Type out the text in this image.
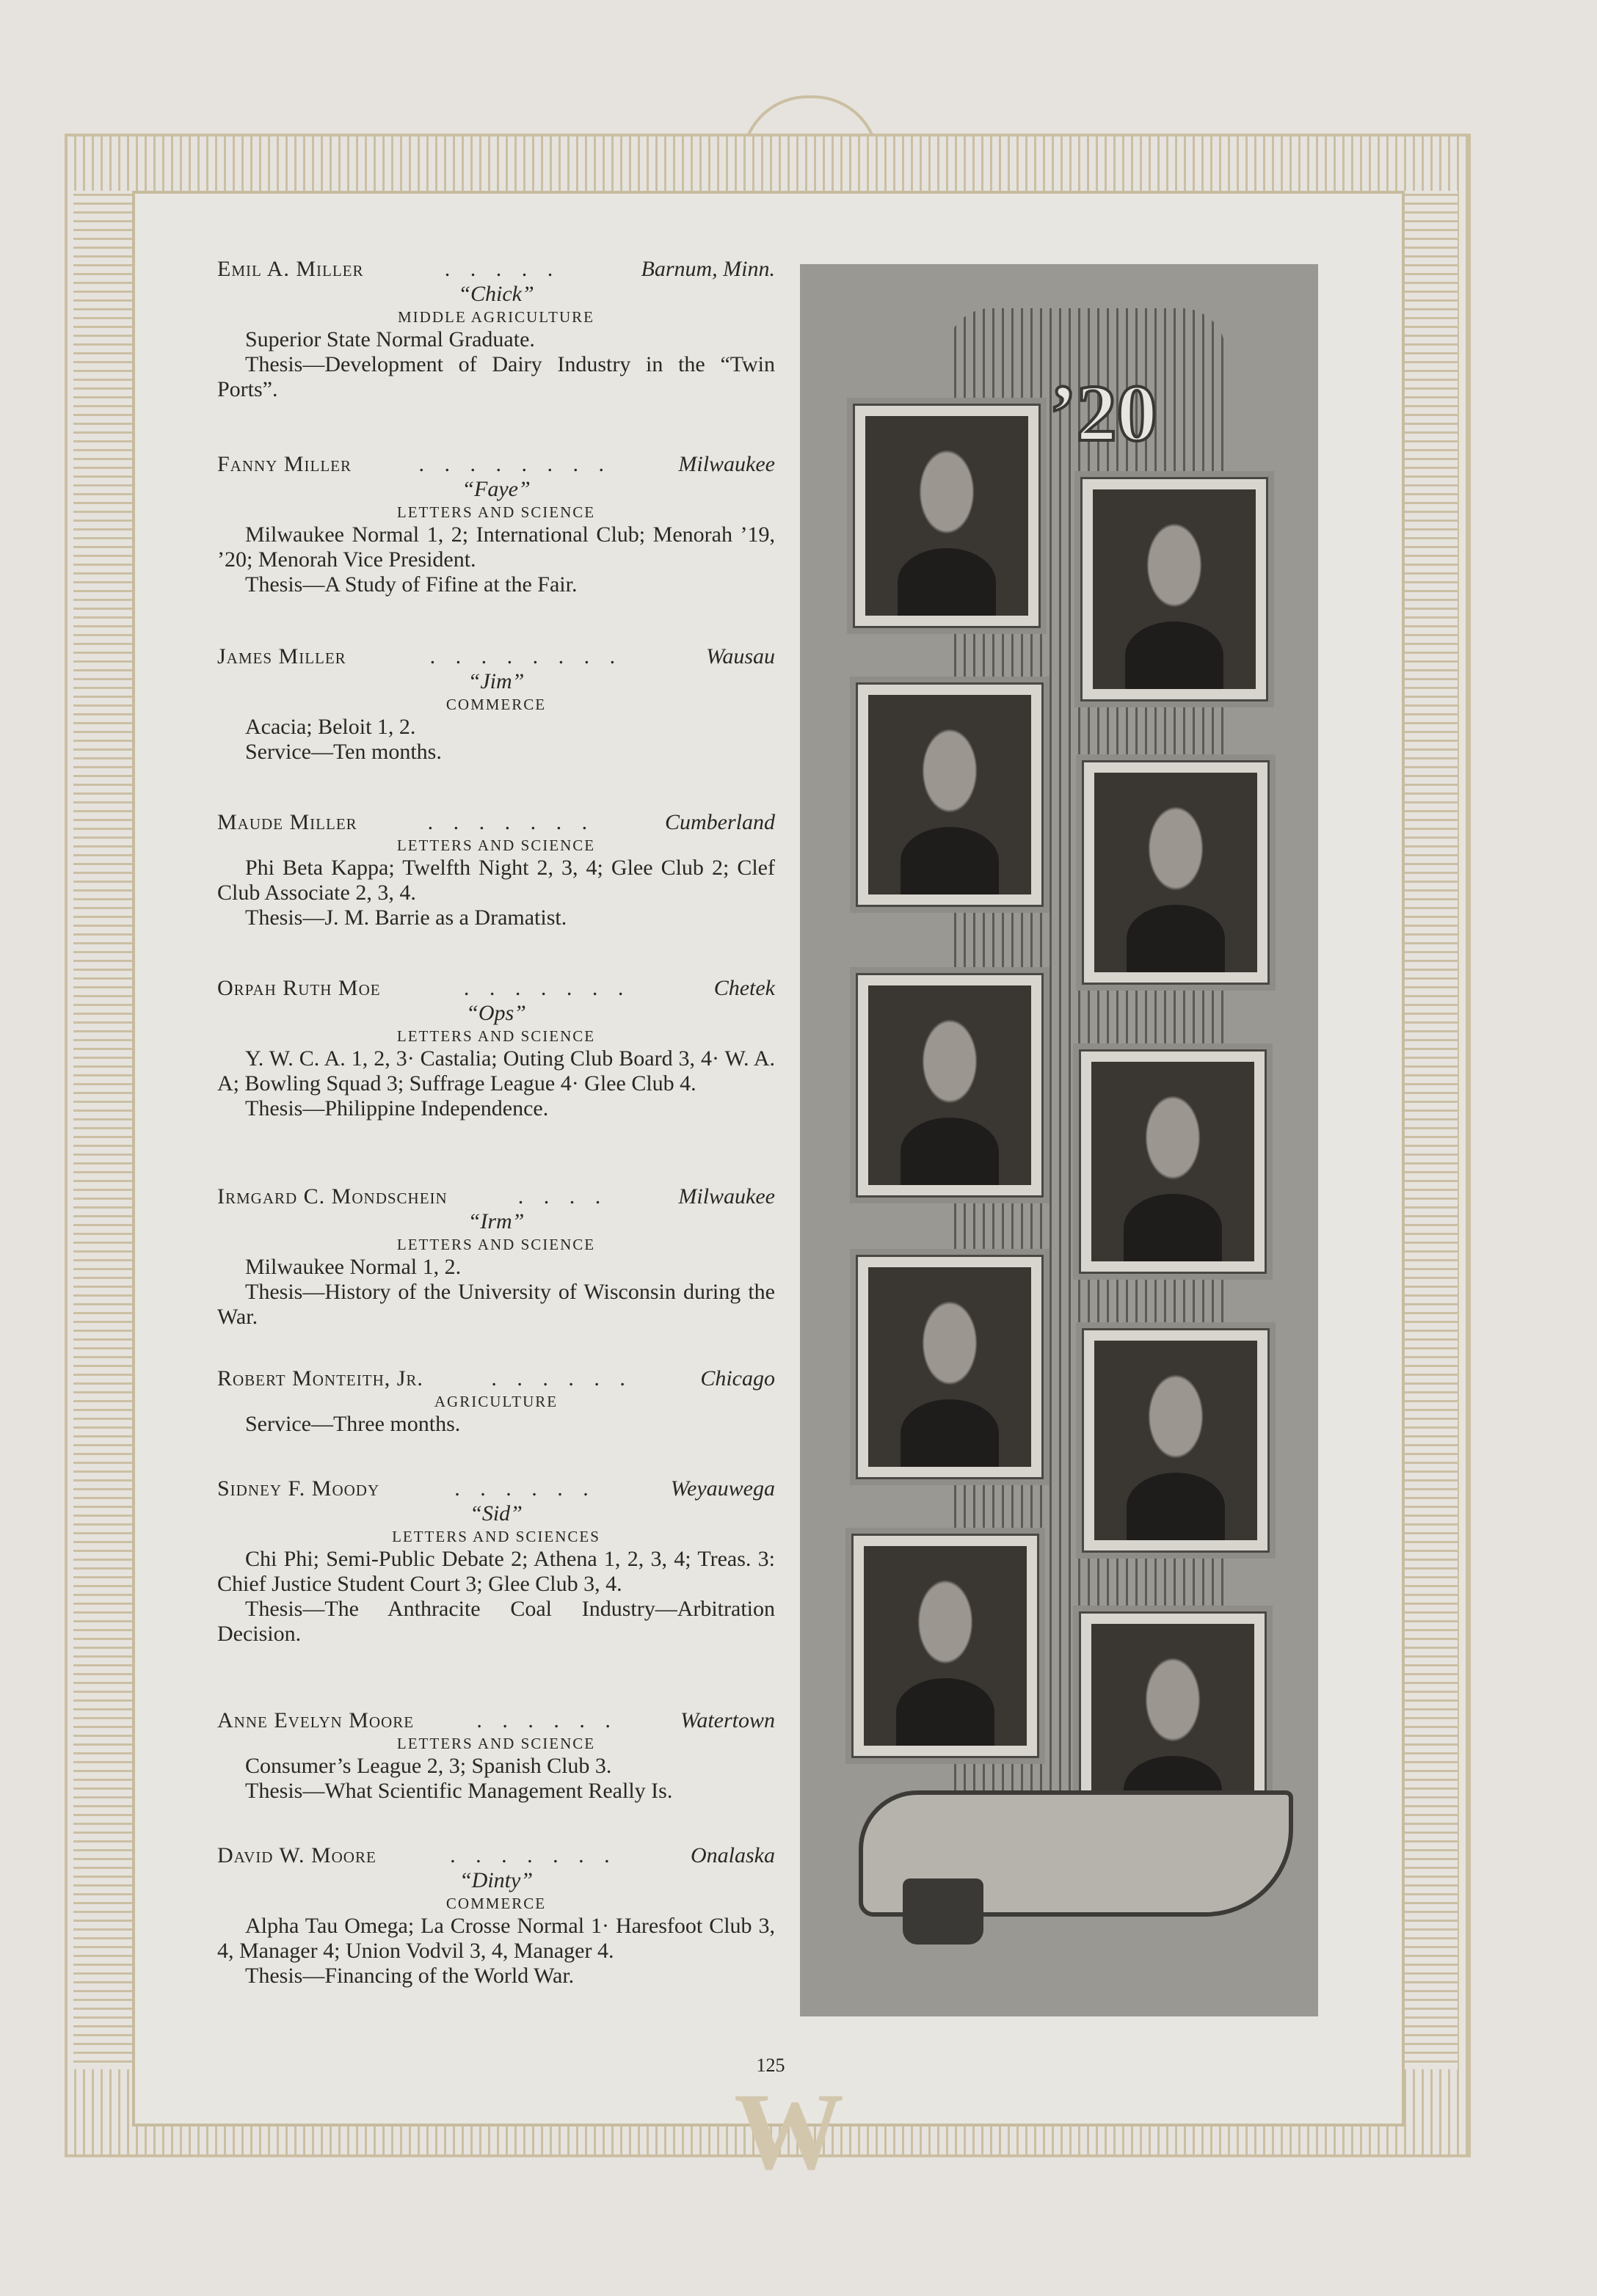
W
Emil A. Miller	. . . . .	Barnum, Minn.
“Chick”
MIDDLE AGRICULTURE
Superior State Normal Graduate.
Thesis—Development of Dairy Industry in the “Twin Ports”.
Fanny Miller	. . . . . . . .	Milwaukee
“Faye”
LETTERS AND SCIENCE
Milwaukee Normal 1, 2; International Club; Menorah ’19, ’20; Menorah Vice President.
Thesis—A Study of Fifine at the Fair.
James Miller	. . . . . . . .	Wausau
“Jim”
COMMERCE
Acacia; Beloit 1, 2.
Service—Ten months.
Maude Miller	. . . . . . .	Cumberland
LETTERS AND SCIENCE
Phi Beta Kappa; Twelfth Night 2, 3, 4; Glee Club 2; Clef Club Associate 2, 3, 4.
Thesis—J. M. Barrie as a Dramatist.
Orpah Ruth Moe	. . . . . . .	Chetek
“Ops”
LETTERS AND SCIENCE
Y. W. C. A. 1, 2, 3· Castalia; Outing Club Board 3, 4· W. A. A; Bowling Squad 3; Suffrage League 4· Glee Club 4.
Thesis—Philippine Independence.
Irmgard C. Mondschein	. . . .	Milwaukee
“Irm”
LETTERS AND SCIENCE
Milwaukee Normal 1, 2.
Thesis—History of the University of Wisconsin during the War.
Robert Monteith, Jr.	. . . . . .	Chicago
AGRICULTURE
Service—Three months.
Sidney F. Moody	. . . . . .	Weyauwega
“Sid”
LETTERS AND SCIENCES
Chi Phi; Semi-Public Debate 2; Athena 1, 2, 3, 4; Treas. 3: Chief Justice Student Court 3; Glee Club 3, 4.
Thesis—The Anthracite Coal Industry—Arbitration Decision.
Anne Evelyn Moore	. . . . . .	Watertown
LETTERS AND SCIENCE
Consumer’s League 2, 3; Spanish Club 3.
Thesis—What Scientific Management Really Is.
David W. Moore	. . . . . . .	Onalaska
“Dinty”
COMMERCE
Alpha Tau Omega; La Crosse Normal 1· Haresfoot Club 3, 4, Manager 4; Union Vodvil 3, 4, Manager 4.
Thesis—Financing of the World War.
’20
125
